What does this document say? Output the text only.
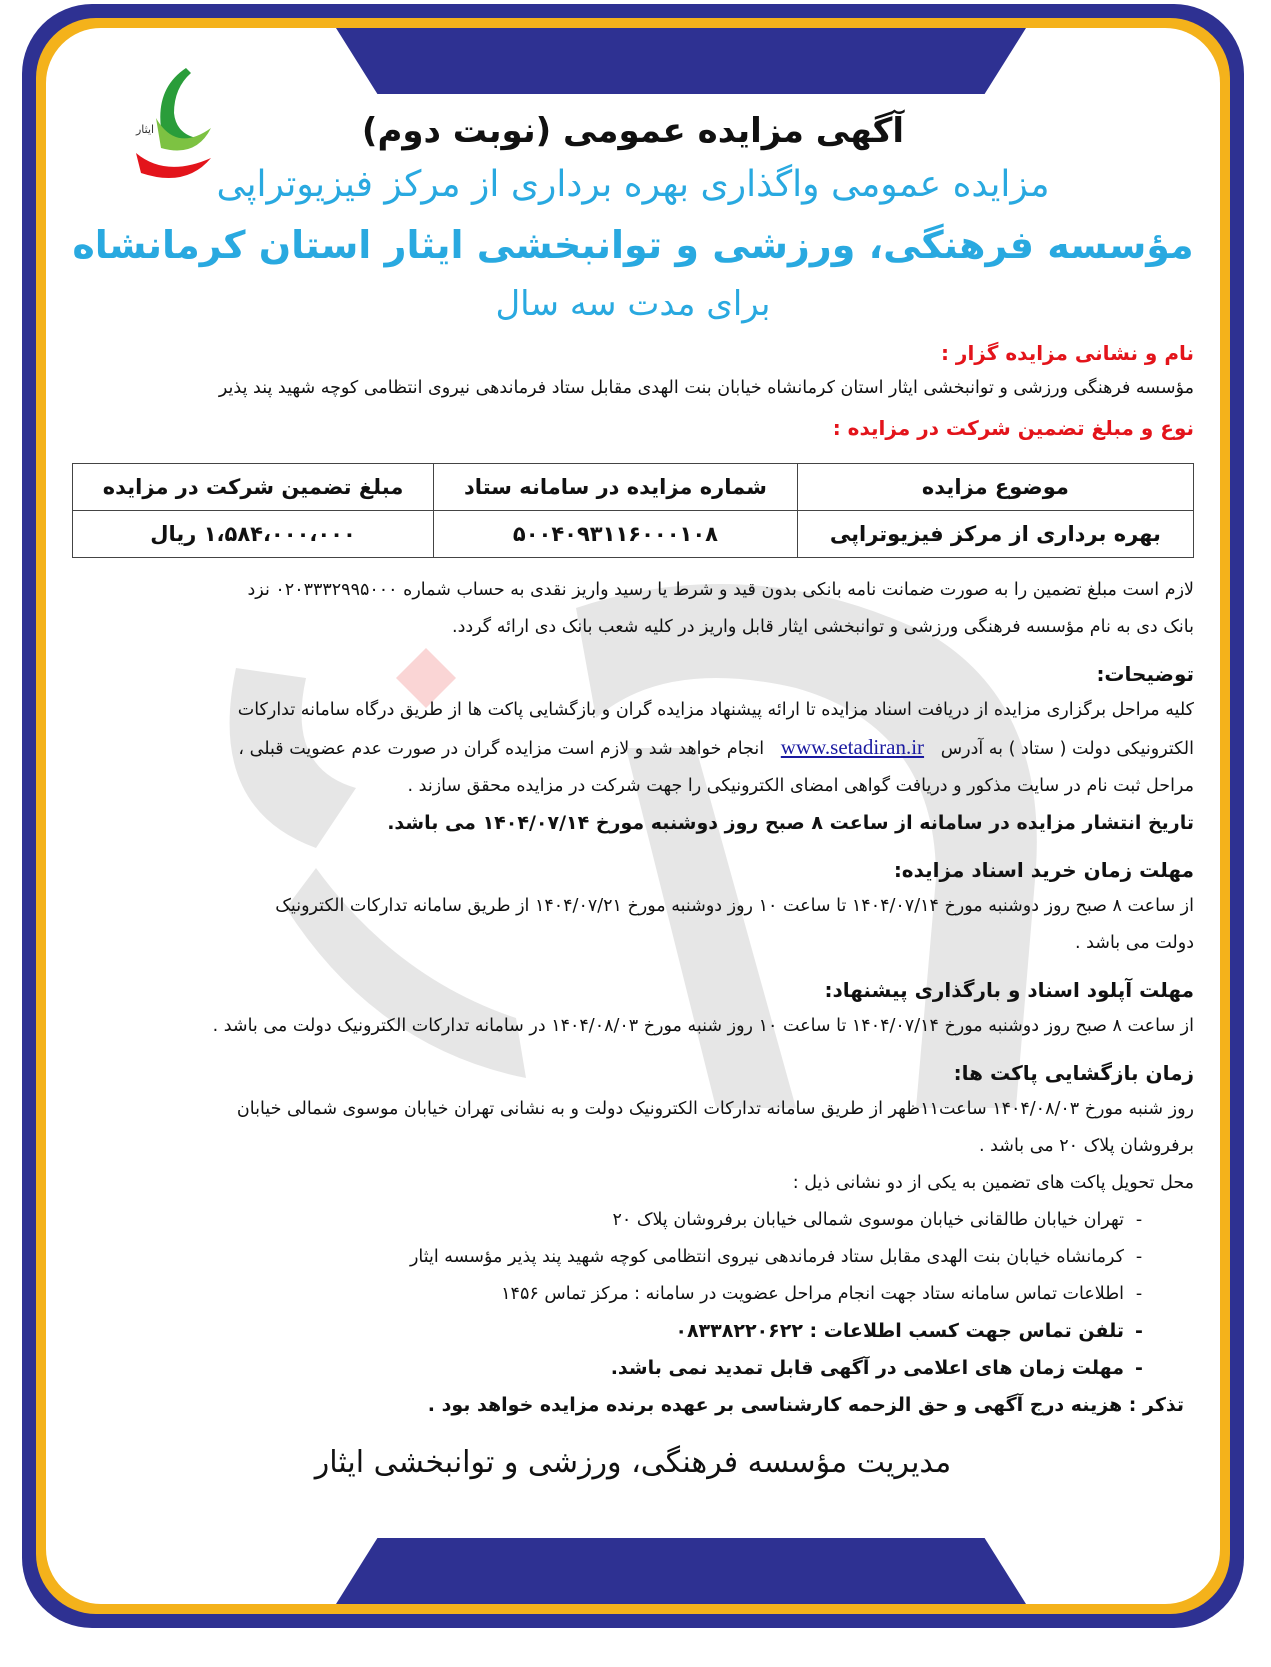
ایثار	آگهی مزایده عمومی (نوبت دوم)
مزایده عمومی واگذاری بهره برداری از مرکز فیزیوتراپی
مؤسسه فرهنگی، ورزشی و توانبخشی ایثار استان کرمانشاه
برای مدت سه سال
نام و نشانی مزایده گزار :
مؤسسه فرهنگی ورزشی و توانبخشی ایثار استان کرمانشاه خیابان بنت الهدی مقابل ستاد فرماندهی نیروی انتظامی کوچه شهید پند پذیر
نوع و مبلغ تضمین شرکت در مزایده :
موضوع مزایده	شماره مزایده در سامانه ستاد	مبلغ تضمین شرکت در مزایده
بهره برداری از مرکز فیزیوتراپی	۵۰۰۴۰۹۳۱۱۶۰۰۰۱۰۸	۱،۵۸۴،۰۰۰،۰۰۰ ریال
لازم است مبلغ تضمین را به صورت ضمانت نامه بانکی بدون قید و شرط یا رسید واریز نقدی به حساب شماره ۰۲۰۳۳۳۲۹۹۵۰۰۰ نزد
بانک دی به نام مؤسسه فرهنگی ورزشی و توانبخشی ایثار قابل واریز در کلیه شعب بانک دی ارائه گردد.
توضیحات:
کلیه مراحل برگزاری مزایده از دریافت اسناد مزایده تا ارائه پیشنهاد مزایده گران و بازگشایی پاکت ها از طریق درگاه سامانه تدارکات
الکترونیکی دولت ( ستاد ) به آدرس   www.setadiran.ir   انجام خواهد شد و لازم است مزایده گران در صورت عدم عضویت قبلی ،
مراحل ثبت نام در سایت مذکور و دریافت گواهی امضای الکترونیکی را جهت شرکت در مزایده محقق سازند .
تاریخ انتشار مزایده در سامانه از ساعت ۸ صبح روز دوشنبه مورخ ۱۴۰۴/۰۷/۱۴ می باشد.
مهلت زمان خرید اسناد مزایده:
از ساعت ۸ صبح روز دوشنبه مورخ ۱۴۰۴/۰۷/۱۴ تا ساعت ۱۰ روز دوشنبه مورخ ۱۴۰۴/۰۷/۲۱ از طریق سامانه تدارکات الکترونیک
دولت می باشد .
مهلت آپلود اسناد و بارگذاری پیشنهاد:
از ساعت ۸ صبح روز دوشنبه مورخ ۱۴۰۴/۰۷/۱۴ تا ساعت ۱۰ روز شنبه مورخ ۱۴۰۴/۰۸/۰۳ در سامانه تدارکات الکترونیک دولت می باشد .
زمان بازگشایی پاکت ها:
روز شنبه مورخ ۱۴۰۴/۰۸/۰۳ ساعت۱۱ظهر از طریق سامانه تدارکات الکترونیک دولت و به نشانی تهران خیابان موسوی شمالی خیابان
برفروشان پلاک ۲۰ می باشد .
محل تحویل پاکت های تضمین به یکی از دو نشانی ذیل :
-
تهران خیابان طالقانی خیابان موسوی شمالی خیابان برفروشان پلاک ۲۰
-
کرمانشاه خیابان بنت الهدی مقابل ستاد فرماندهی نیروی انتظامی کوچه شهید پند پذیر مؤسسه ایثار
-
اطلاعات تماس سامانه ستاد جهت انجام مراحل عضویت در سامانه : مرکز تماس ۱۴۵۶
-
تلفن تماس جهت کسب اطلاعات : ۰۸۳۳۸۲۲۰۶۲۲
-
مهلت زمان های اعلامی در آگهی قابل تمدید نمی باشد.
تذکر : هزینه درج آگهی و حق الزحمه کارشناسی بر عهده برنده مزایده خواهد بود .
مدیریت مؤسسه فرهنگی، ورزشی و توانبخشی ایثار
